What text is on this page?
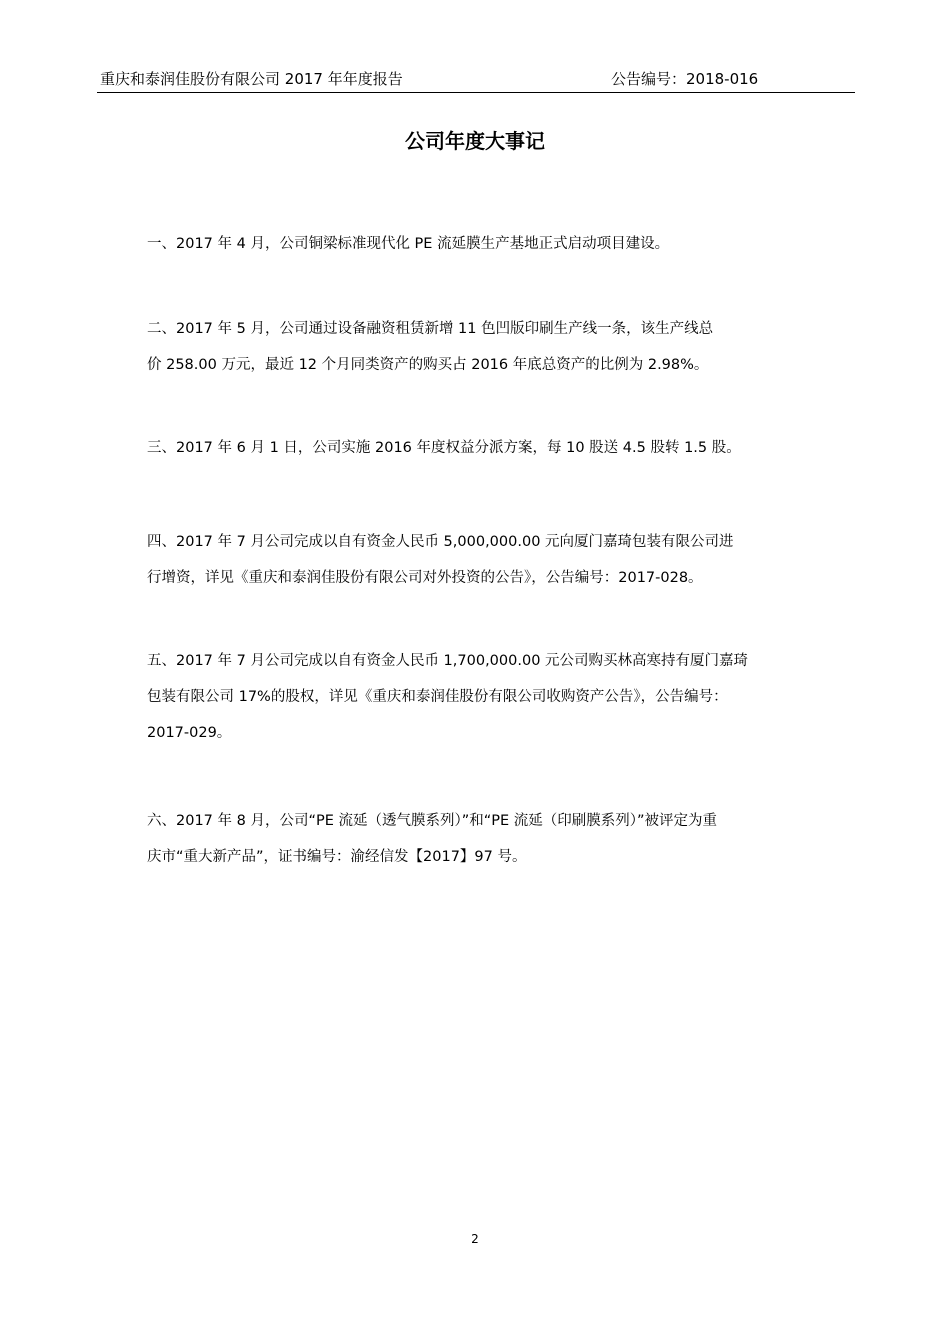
重庆和泰润佳股份有限公司 2017 年年度报告	公告编号：2018-016
公司年度大事记

一、2017 年 4 月，公司铜梁标准现代化 PE 流延膜生产基地正式启动项目建设。

二、2017 年 5 月，公司通过设备融资租赁新增 11 色凹版印刷生产线一条，该生产线总

价 258.00 万元，最近 12 个月同类资产的购买占 2016 年底总资产的比例为 2.98%。

三、2017 年 6 月 1 日，公司实施 2016 年度权益分派方案，每 10 股送 4.5 股转 1.5 股。

四、2017 年 7 月公司完成以自有资金人民币 5,000,000.00 元向厦门嘉琦包装有限公司进

行增资，详见《重庆和泰润佳股份有限公司对外投资的公告》，公告编号：2017-028。

五、2017 年 7 月公司完成以自有资金人民币 1,700,000.00 元公司购买林高寒持有厦门嘉琦

包装有限公司 17%的股权，详见《重庆和泰润佳股份有限公司收购资产公告》，公告编号：

2017-029。

六、2017 年 8 月，公司“PE 流延（透气膜系列）”和“PE 流延（印刷膜系列）”被评定为重

庆市“重大新产品”，证书编号：渝经信发【2017】97 号。

2
